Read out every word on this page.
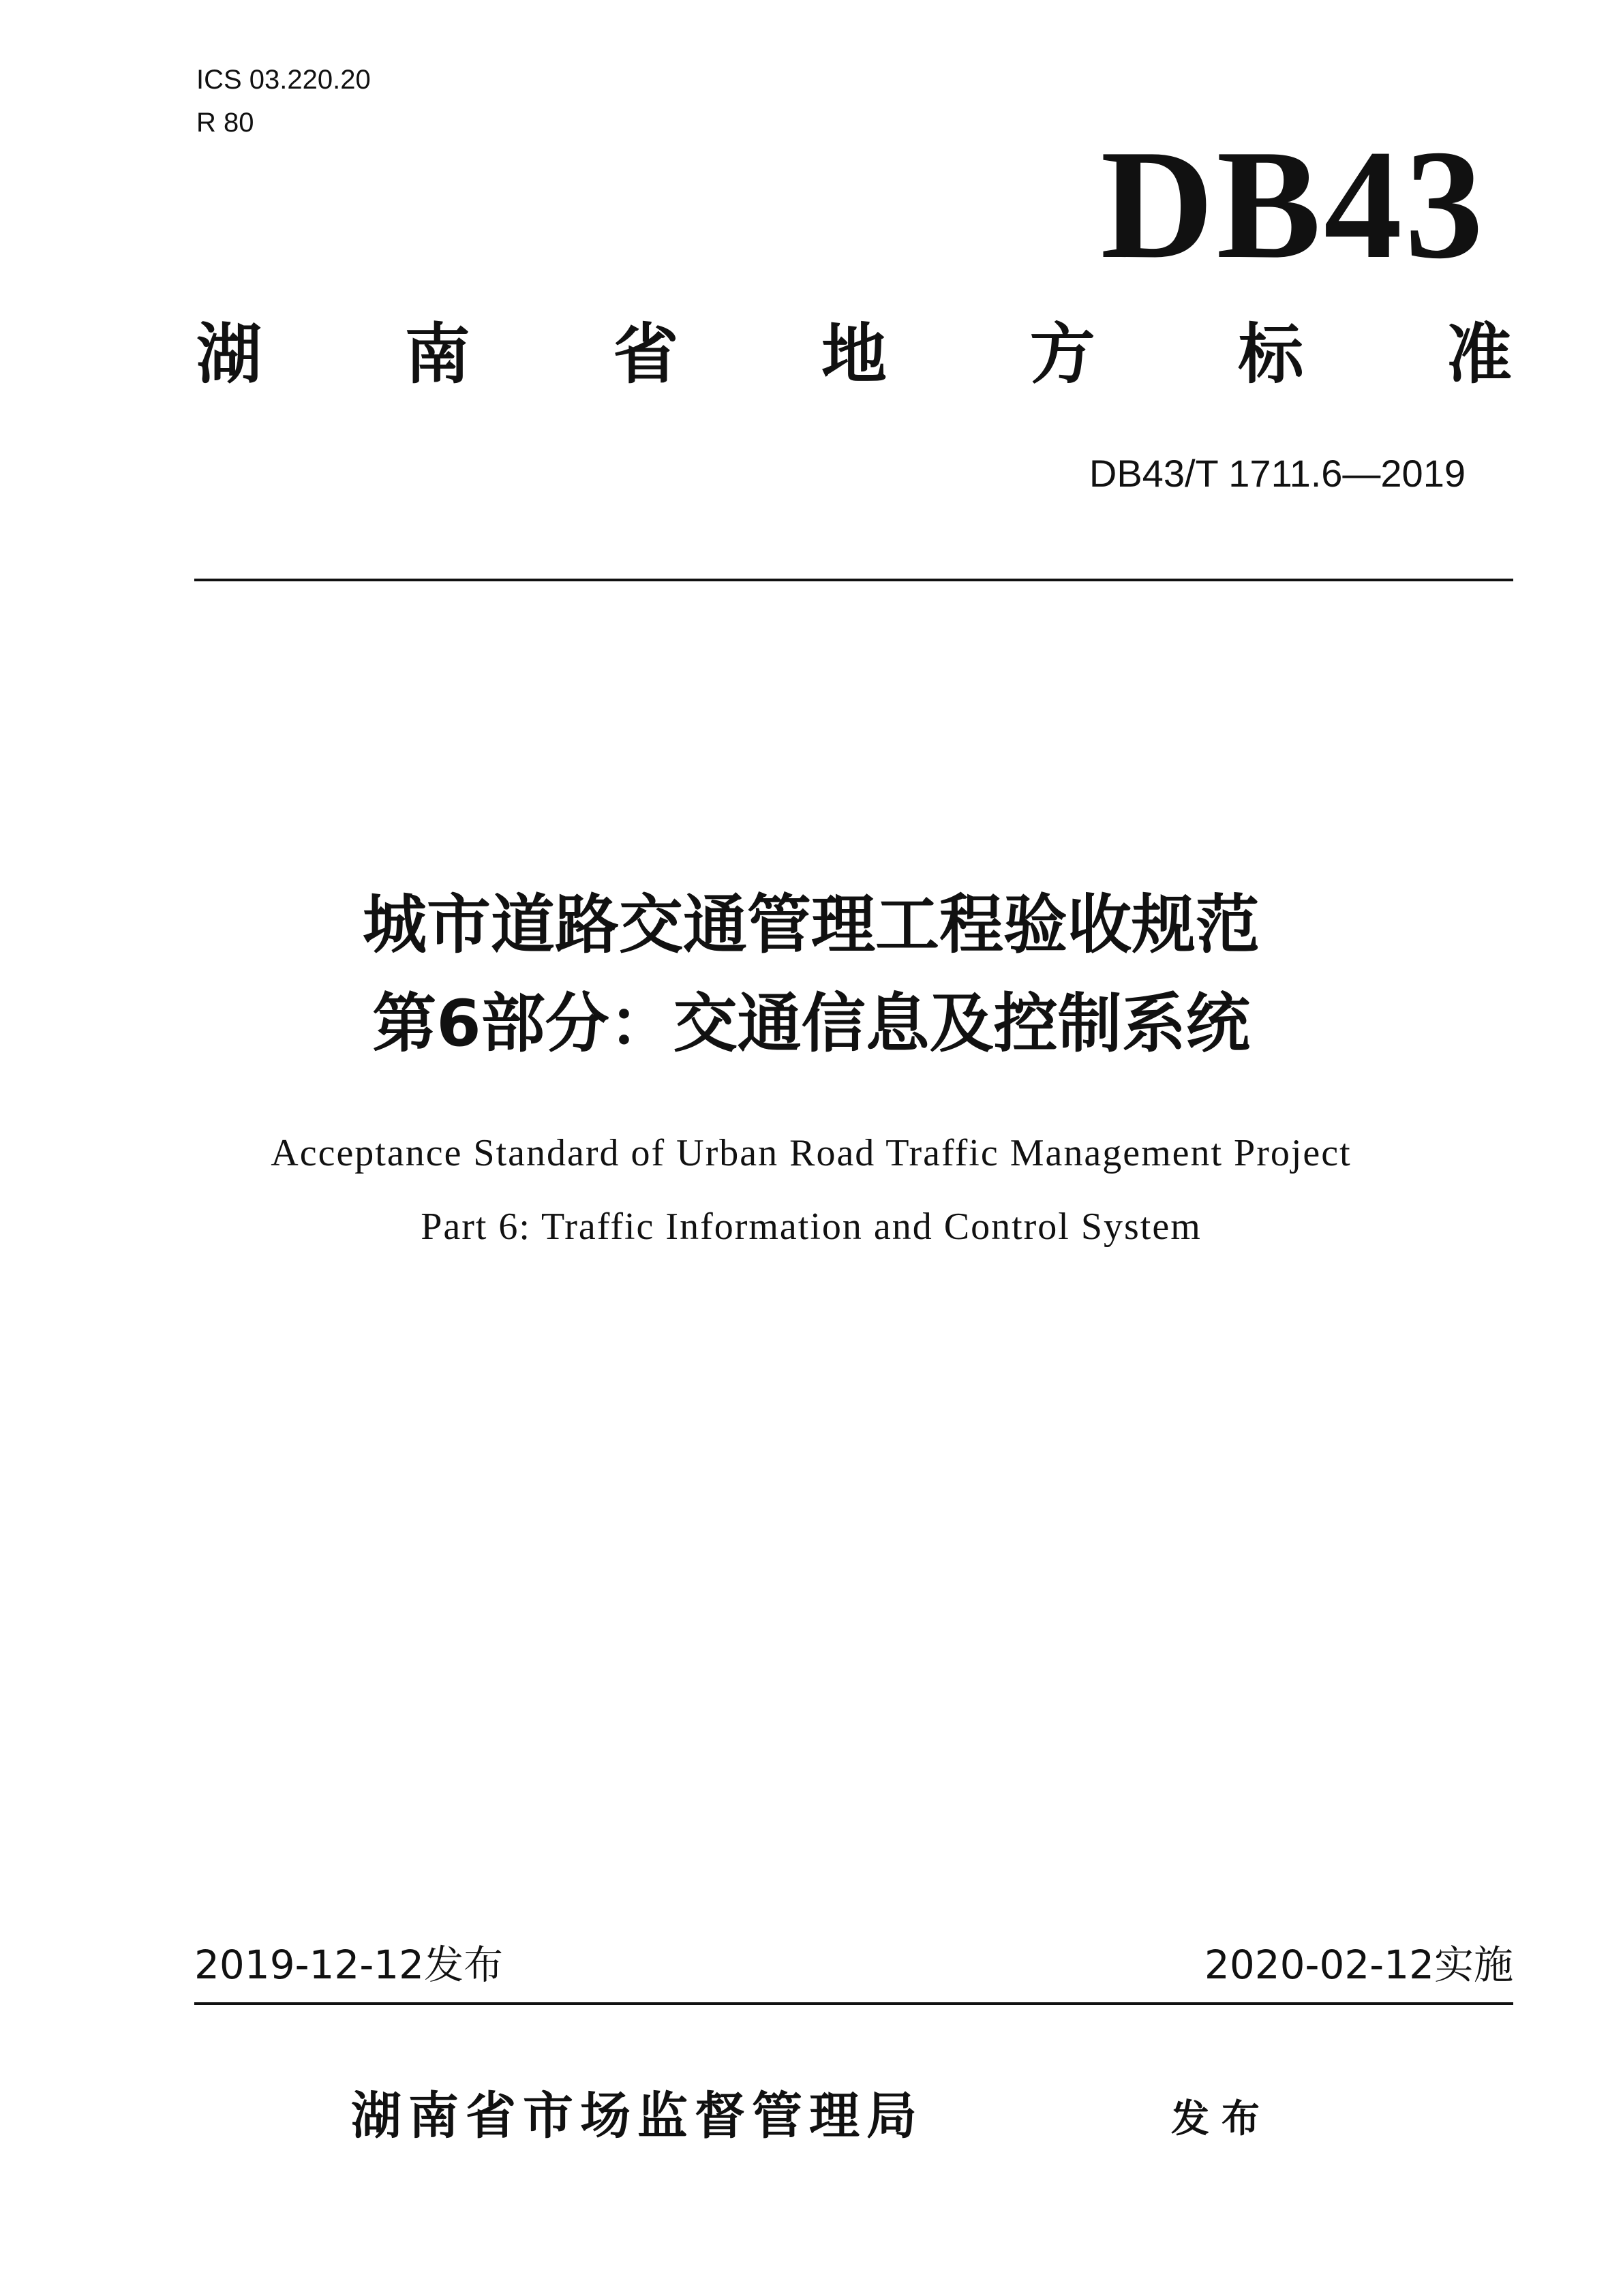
ICS 03.220.20
R 80	DB43
湖 南 省 地 方 标 准
DB43/T 1711.6—2019
城市道路交通管理工程验收规范
第6部分：交通信息及控制系统
Acceptance Standard of Urban Road Traffic Management Project
Part 6: Traffic Information and Control System
2019-12-12发布	2020-02-12实施
湖南省市场监督管理局	发布
